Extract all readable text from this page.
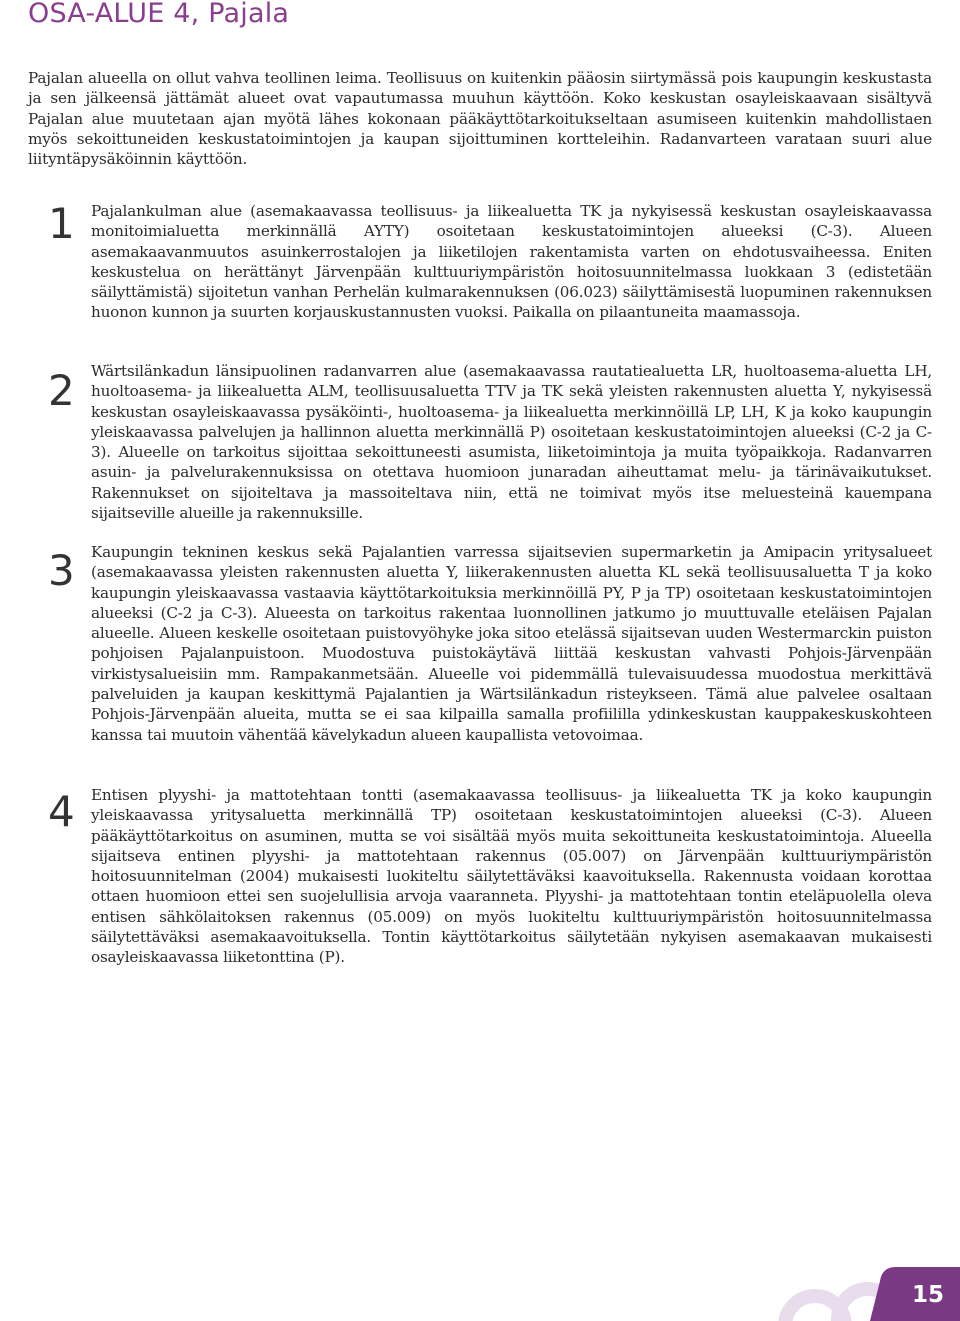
OSA-ALUE 4, Pajala

Pajalan alueella on ollut vahva teollinen leima. Teollisuus on kuitenkin pääosin siirtymässä pois kaupungin keskustasta ja sen jälkeensä jättämät alueet ovat vapautumassa muuhun käyttöön. Koko keskustan osayleiskaavaan sisältyvä Pajalan alue muutetaan ajan myötä lähes kokonaan pääkäyttötarkoitukseltaan asumiseen kuitenkin mahdollistaen myös sekoittuneiden keskustatoimintojen ja kaupan sijoittuminen kortteleihin. Radanvarteen varataan suuri alue liityntäpysäköinnin käyttöön.

1 Pajalankulman alue (asemakaavassa teollisuus- ja liikealuetta TK ja nykyisessä keskustan osayleiskaavassa monitoimialuetta merkinnällä AYTY) osoitetaan keskustatoimintojen alueeksi (C-3). Alueen asemakaavanmuutos asuinkerrostalojen ja liiketilojen rakentamista varten on ehdotusvaiheessa. Eniten keskustelua on herättänyt Järvenpään kulttuuriympäristön hoitosuunnitelmassa luokkaan 3 (edistetään säilyttämistä) sijoitetun vanhan Perhelän kulmarakennuksen (06.023) säilyttämisestä luopuminen rakennuksen huonon kunnon ja suurten korjauskustannusten vuoksi. Paikalla on pilaantuneita maamassoja.

2 Wärtsilänkadun länsipuolinen radanvarren alue (asemakaavassa rautatiealuetta LR, huoltoasema-aluetta LH, huoltoasema- ja liikealuetta ALM, teollisuusaluetta TTV ja TK sekä yleisten rakennusten aluetta Y, nykyisessä keskustan osayleiskaavassa pysäköinti-, huoltoasema- ja liikealuetta merkinnöillä LP, LH, K ja koko kaupungin yleiskaavassa palvelujen ja hallinnon aluetta merkinnällä P) osoitetaan keskustatoimintojen alueeksi (C-2 ja C-3). Alueelle on tarkoitus sijoittaa sekoittuneesti asumista, liiketoimintoja ja muita työpaikkoja. Radanvarren asuin- ja palvelurakennuksissa on otettava huomioon junaradan aiheuttamat melu- ja tärinävaikutukset. Rakennukset on sijoiteltava ja massoiteltava niin, että ne toimivat myös itse meluesteinä kauempana sijaitseville alueille ja rakennuksille.

3 Kaupungin tekninen keskus sekä Pajalantien varressa sijaitsevien supermarketin ja Amipacin yritysalueet (asemakaavassa yleisten rakennusten aluetta Y, liikerakennusten aluetta KL sekä teollisuusaluetta T ja koko kaupungin yleiskaavassa vastaavia käyttötarkoituksia merkinnöillä PY, P ja TP) osoitetaan keskustatoimintojen alueeksi (C-2 ja C-3). Alueesta on tarkoitus rakentaa luonnollinen jatkumo jo muuttuvalle eteläisen Pajalan alueelle. Alueen keskelle osoitetaan puistovyöhyke joka sitoo etelässä sijaitsevan uuden Westermarckin puiston pohjoisen Pajalanpuistoon. Muodostuva puistokäytävä liittää keskustan vahvasti Pohjois-Järvenpään virkistysalueisiin mm. Rampakanmetsään. Alueelle voi pidemmällä tulevaisuudessa muodostua merkittävä palveluiden ja kaupan keskittymä Pajalantien ja Wärtsilänkadun risteykseen. Tämä alue palvelee osaltaan Pohjois-Järvenpään alueita, mutta se ei saa kilpailla samalla profiililla ydinkeskustan kauppakeskuskohteen kanssa tai muutoin vähentää kävelykadun alueen kaupallista vetovoimaa.

4 Entisen plyyshi- ja mattotehtaan tontti (asemakaavassa teollisuus- ja liikealuetta TK ja koko kaupungin yleiskaavassa yritysaluetta merkinnällä TP) osoitetaan keskustatoimintojen alueeksi (C-3). Alueen pääkäyttötarkoitus on asuminen, mutta se voi sisältää myös muita sekoittuneita keskustatoimintoja. Alueella sijaitseva entinen plyyshi- ja mattotehtaan rakennus (05.007) on Järvenpään kulttuuriympäristön hoitosuunnitelman (2004) mukaisesti luokiteltu säilytettäväksi kaavoituksella. Rakennusta voidaan korottaa ottaen huomioon ettei sen suojelullisia arvoja vaaranneta. Plyyshi- ja mattotehtaan tontin eteläpuolella oleva entisen sähkölaitoksen rakennus (05.009) on myös luokiteltu kulttuuriympäristön hoitosuunnitelmassa säilytettäväksi asemakaavoituksella. Tontin käyttötarkoitus säilytetään nykyisen asemakaavan mukaisesti osayleiskaavassa liiketonttina (P).

15
